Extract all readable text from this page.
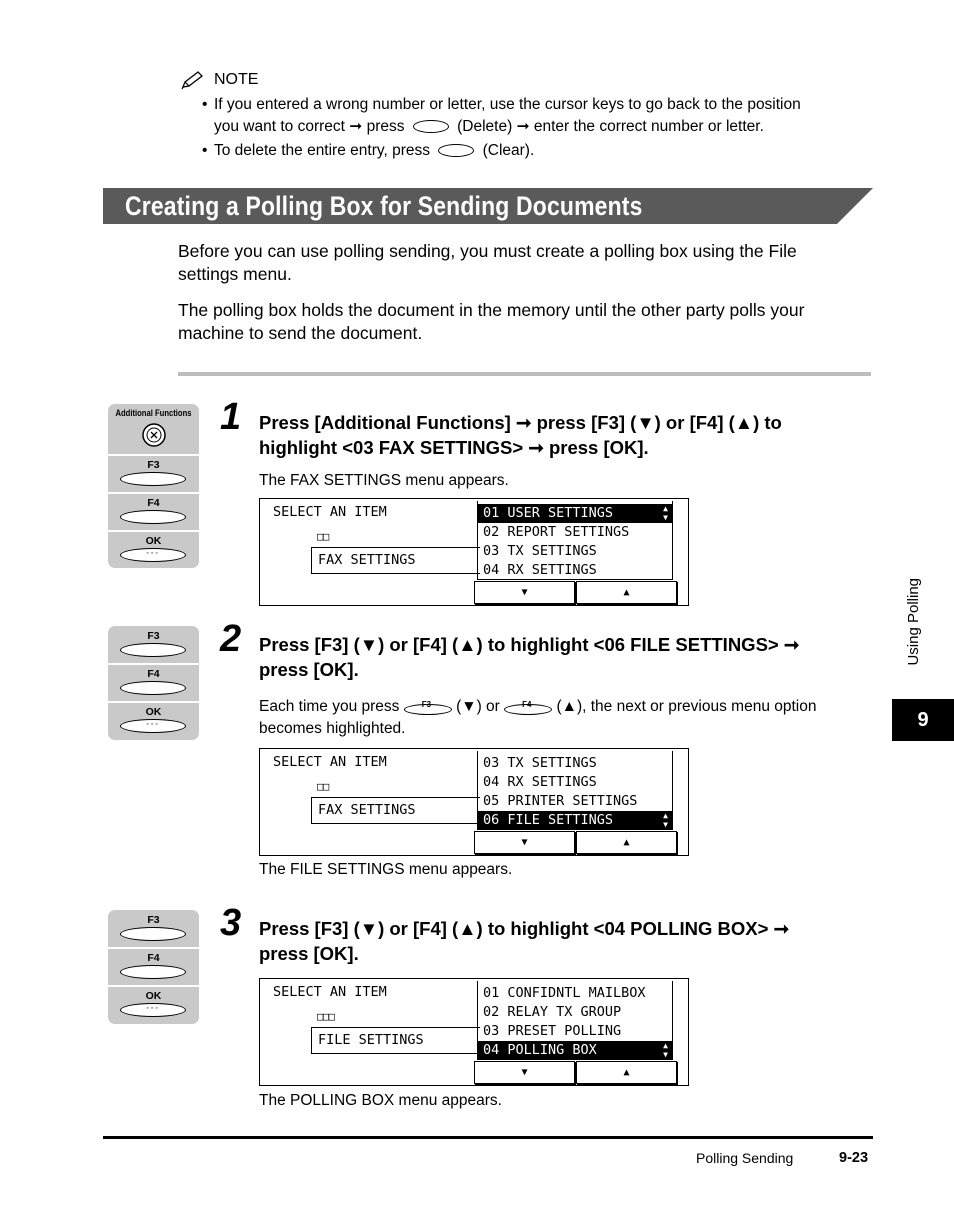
NOTE
• If you entered a wrong number or letter, use the cursor keys to go back to the position
you want to correct ➞ press	(Delete) ➞ enter the correct number or letter.
• To delete the entire entry, press	(Clear).
Creating a Polling Box for Sending Documents
Before you can use polling sending, you must create a polling box using the File
settings menu.
The polling box holds the document in the memory until the other party polls your
machine to send the document.
Additional Functions
F3
F4
OK
◦◦◦
1 Press [Additional Functions] ➞ press [F3] (▼) or [F4] (▲) to
highlight <03 FAX SETTINGS> ➞ press [OK].
The FAX SETTINGS menu appears.
SELECT AN ITEM
□□
FAX SETTINGS
01 USER SETTINGS	▲
▼
02 REPORT SETTINGS
03 TX SETTINGS
04 RX SETTINGS
▼	▲
F3
F4
OK
◦◦◦
2 Press [F3] (▼) or [F4] (▲) to highlight <06 FILE SETTINGS> ➞
press [OK].
Each time you press	F3 (▼) or	F4 (▲), the next or previous menu option
becomes highlighted.
SELECT AN ITEM
□□
FAX SETTINGS
03 TX SETTINGS
04 RX SETTINGS
05 PRINTER SETTINGS
06 FILE SETTINGS	▲
▼
▼	▲
The FILE SETTINGS menu appears.
F3
F4
OK
◦◦◦
3 Press [F3] (▼) or [F4] (▲) to highlight <04 POLLING BOX> ➞
press [OK].
SELECT AN ITEM
□□□
FILE SETTINGS
01 CONFIDNTL MAILBOX
02 RELAY TX GROUP
03 PRESET POLLING
04 POLLING BOX	▲
▼
▼	▲
The POLLING BOX menu appears.
Using Polling
9
Polling Sending	9-23
